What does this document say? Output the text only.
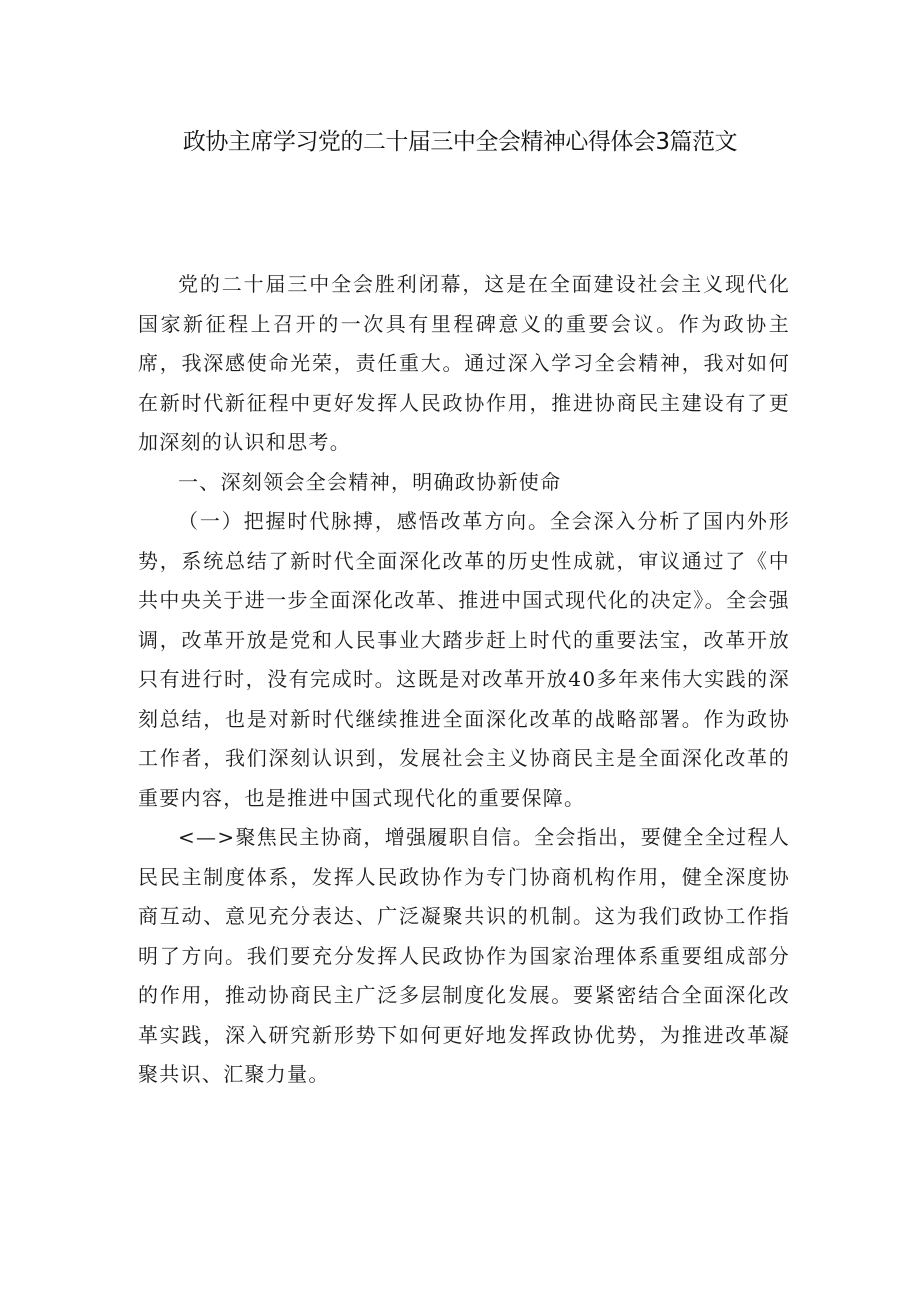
政协主席学习党的二十届三中全会精神心得体会3篇范文

党的二十届三中全会胜利闭幕，这是在全面建设社会主义现代化国家新征程上召开的一次具有里程碑意义的重要会议。作为政协主席，我深感使命光荣，责任重大。通过深入学习全会精神，我对如何在新时代新征程中更好发挥人民政协作用，推进协商民主建设有了更加深刻的认识和思考。

一、深刻领会全会精神，明确政协新使命

（一）把握时代脉搏，感悟改革方向。全会深入分析了国内外形势，系统总结了新时代全面深化改革的历史性成就，审议通过了《中共中央关于进一步全面深化改革、推进中国式现代化的决定》。全会强调，改革开放是党和人民事业大踏步赶上时代的重要法宝，改革开放只有进行时，没有完成时。这既是对改革开放40多年来伟大实践的深刻总结，也是对新时代继续推进全面深化改革的战略部署。作为政协工作者，我们深刻认识到，发展社会主义协商民主是全面深化改革的重要内容，也是推进中国式现代化的重要保障。

<—>聚焦民主协商，增强履职自信。全会指出，要健全全过程人民民主制度体系，发挥人民政协作为专门协商机构作用，健全深度协商互动、意见充分表达、广泛凝聚共识的机制。这为我们政协工作指明了方向。我们要充分发挥人民政协作为国家治理体系重要组成部分的作用，推动协商民主广泛多层制度化发展。要紧密结合全面深化改革实践，深入研究新形势下如何更好地发挥政协优势，为推进改革凝聚共识、汇聚力量。
